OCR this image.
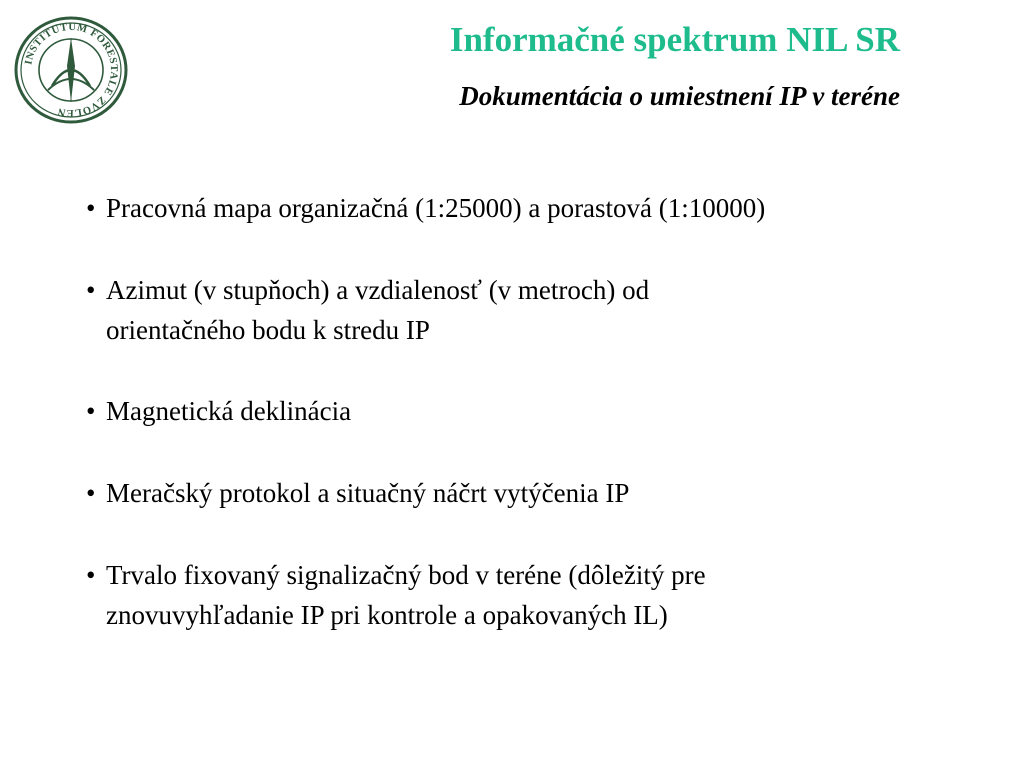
INSTITUTUM FORESTALE ZVOLEN
Informačné spektrum NIL SR
Dokumentácia o umiestnení IP v teréne
• Pracovná mapa organizačná (1:25000) a porastová (1:10000)
• Azimut (v stupňoch) a vzdialenosť (v metroch) od
orientačného bodu k stredu IP
• Magnetická deklinácia
• Meračský protokol a situačný náčrt vytýčenia IP
• Trvalo fixovaný signalizačný bod v teréne (dôležitý pre
znovuvyhľadanie IP pri kontrole a opakovaných IL)
